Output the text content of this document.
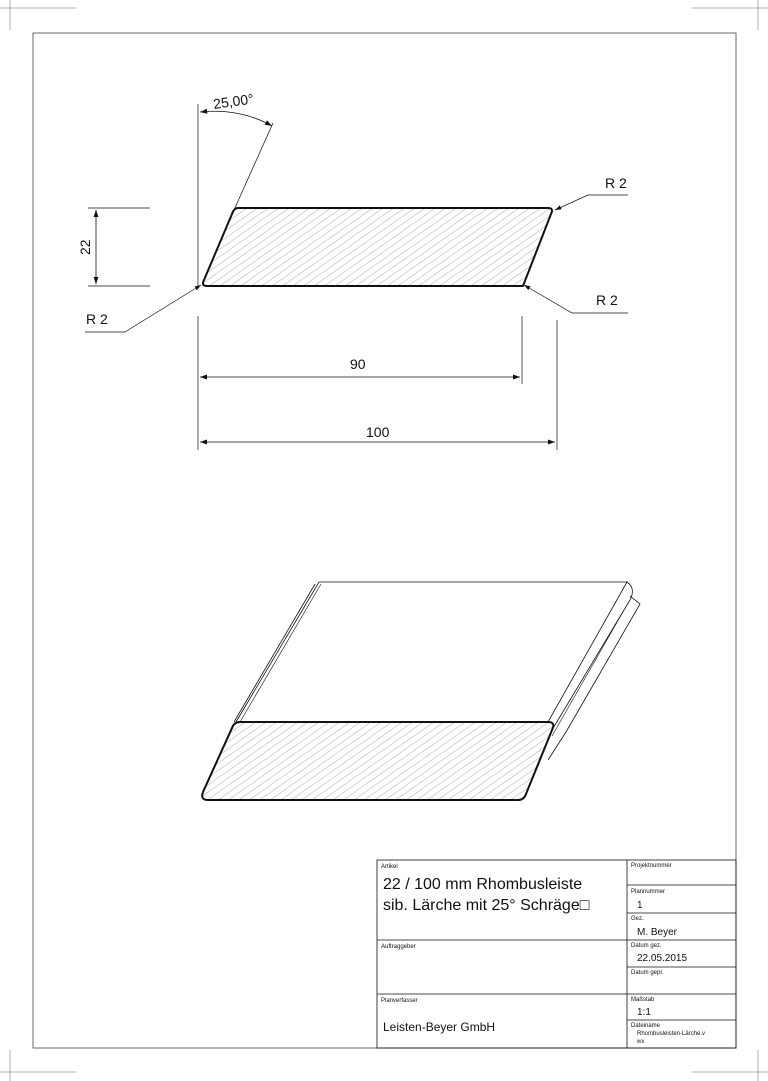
25,00°
22
R 2
R 2
R 2
90
100
Artikel
22 / 100 mm Rhombusleiste
sib. Lärche mit 25° Schräge□
Auftraggeber
Planverfasser
Leisten-Beyer GmbH
Projektnummer
Plannummer
1
Gez.
M. Beyer
Datum gez.
22.05.2015
Datum gepr.
Maßstab
1:1
Dateiname
Rhombusleisten-Lärche.v
wx
